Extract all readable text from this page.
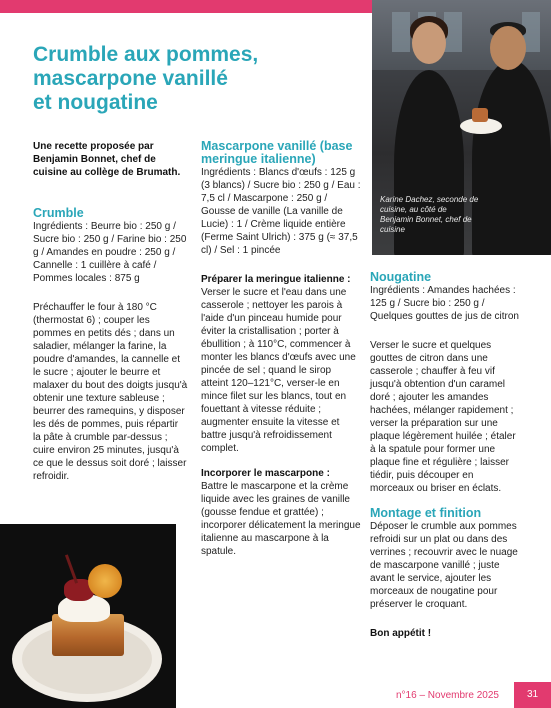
Karine Dachez, seconde de cuisine, au côté de Benjamin Bonnet, chef de cuisine
Crumble aux pommes,
mascarpone vanillé
et nougatine

Une recette proposée par Benjamin Bonnet, chef de cuisine au collège de Brumath.

Crumble

Ingrédients : Beurre bio : 250 g / Sucre bio : 250 g / Farine bio : 250 g / Amandes en poudre : 250 g / Cannelle : 1 cuillère à café / Pommes locales : 875 g

Préchauffer le four à 180 °C (thermostat 6) ; couper les pommes en petits dés ; dans un saladier, mélanger la farine, la poudre d'amandes, la cannelle et le sucre ; ajouter le beurre et malaxer du bout des doigts jusqu'à obtenir une texture sableuse ; beurrer des ramequins, y disposer les dés de pommes, puis répartir la pâte à crumble par-dessus ; cuire environ 25 minutes, jusqu'à ce que le dessus soit doré ; laisser refroidir.

Mascarpone vanillé (base meringue italienne)

Ingrédients : Blancs d'œufs : 125 g (3 blancs) / Sucre bio : 250 g / Eau : 7,5 cl / Mascarpone : 250 g / Gousse de vanille (La vanille de Lucie) : 1 / Crème liquide entière (Ferme Saint Ulrich) : 375 g (≈ 37,5 cl) / Sel : 1 pincée

Préparer la meringue italienne :

Verser le sucre et l'eau dans une casserole ; nettoyer les parois à l'aide d'un pinceau humide pour éviter la cristallisation ; porter à ébullition ; à 110°C, commencer à monter les blancs d'œufs avec une pincée de sel ; quand le sirop atteint 120–121°C, verser-le en mince filet sur les blancs, tout en fouettant à vitesse réduite ; augmenter ensuite la vitesse et battre jusqu'à refroidissement complet.

Incorporer le mascarpone :

Battre le mascarpone et la crème liquide avec les graines de vanille (gousse fendue et grattée) ; incorporer délicatement la meringue italienne au mascarpone à la spatule.

Nougatine

Ingrédients : Amandes hachées : 125 g / Sucre bio : 250 g / Quelques gouttes de jus de citron

Verser le sucre et quelques gouttes de citron dans une casserole ; chauffer à feu vif jusqu'à obtention d'un caramel doré ; ajouter les amandes hachées, mélanger rapidement ; verser la préparation sur une plaque légèrement huilée ; étaler à la spatule pour former une plaque fine et régulière ; laisser tiédir, puis découper en morceaux ou briser en éclats.

Montage et finition

Déposer le crumble aux pommes refroidi sur un plat ou dans des verrines ; recouvrir avec le nuage de mascarpone vanillé ; juste avant le service, ajouter les morceaux de nougatine pour préserver le croquant.

Bon appétit !

n°16 – Novembre 2025	31
